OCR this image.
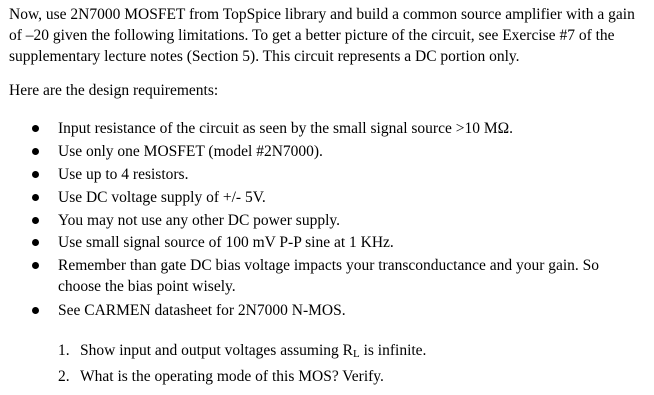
Now, use 2N7000 MOSFET from TopSpice library and build a common source amplifier with a gain of –20 given the following limitations. To get a better picture of the circuit, see Exercise #7 of the supplementary lecture notes (Section 5). This circuit represents a DC portion only.

Here are the design requirements:

Input resistance of the circuit as seen by the small signal source >10 MΩ.
Use only one MOSFET (model #2N7000).
Use up to 4 resistors.
Use DC voltage supply of +/- 5V.
You may not use any other DC power supply.
Use small signal source of 100 mV P-P sine at 1 KHz.
Remember than gate DC bias voltage impacts your transconductance and your gain. So choose the bias point wisely.
See CARMEN datasheet for 2N7000 N-MOS.
1. Show input and output voltages assuming RL is infinite.
2. What is the operating mode of this MOS? Verify.
